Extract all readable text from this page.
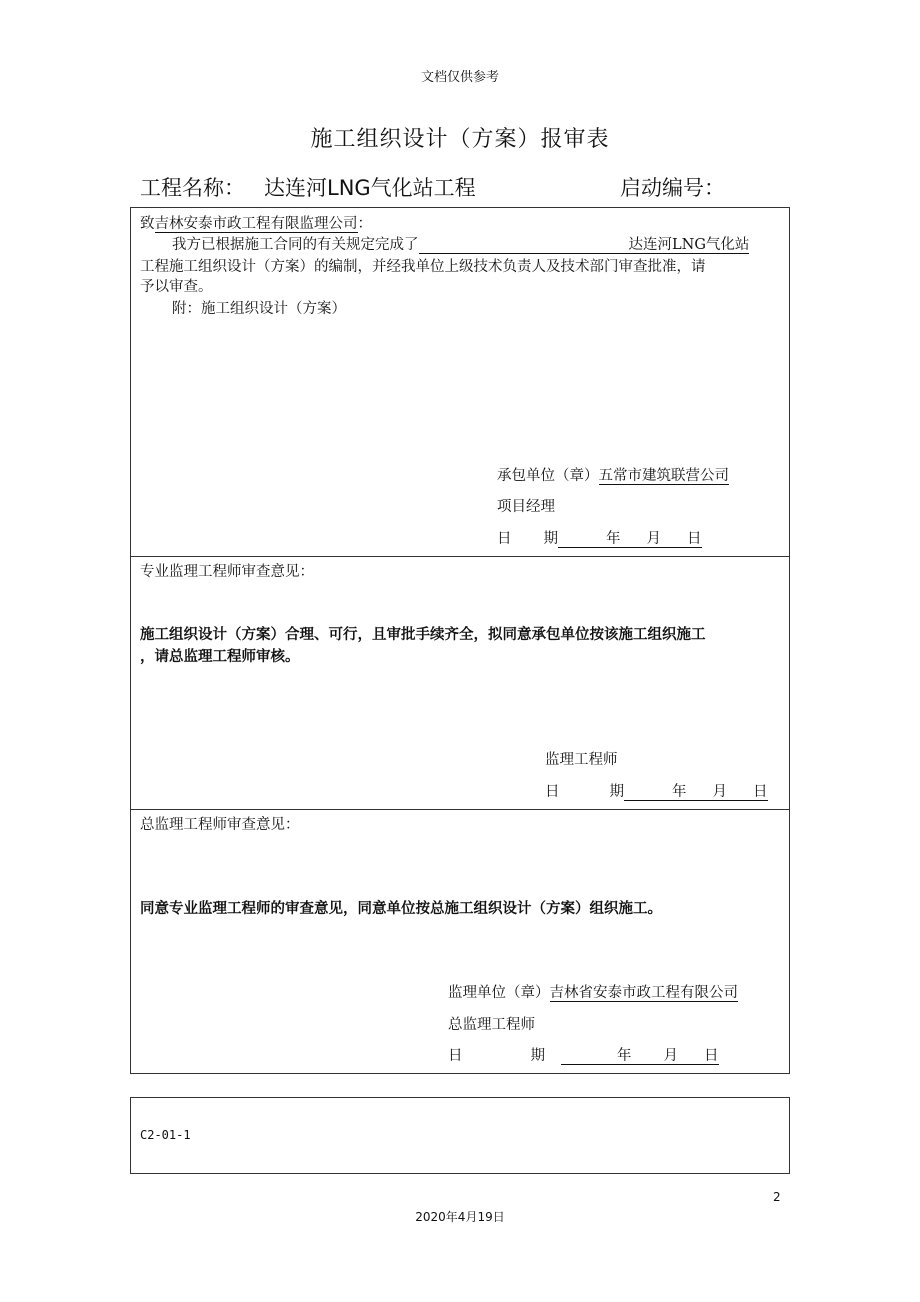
文档仅供参考
施工组织设计（方案）报审表
工程名称： 达连河LNG气化站工程	启动编号：
致吉林安泰市政工程有限监理公司：
我方已根据施工合同的有关规定完成了	达连河LNG气化站
工程施工组织设计（方案）的编制，并经我单位上级技术负责人及技术部门审查批准，请
予以审查。
附：施工组织设计（方案）
承包单位（章）五常市建筑联营公司
项目经理
日 期	年 月 日
专业监理工程师审查意见：
施工组织设计（方案）合理、可行，且审批手续齐全，拟同意承包单位按该施工组织施工
，请总监理工程师审核。
监理工程师
日	期	年 月 日
总监理工程师审查意见：
同意专业监理工程师的审查意见，同意单位按总施工组织设计（方案）组织施工。
监理单位（章）吉林省安泰市政工程有限公司
总监理工程师
日	期	年 月 日
C2-01-1
2
2020年4月19日
